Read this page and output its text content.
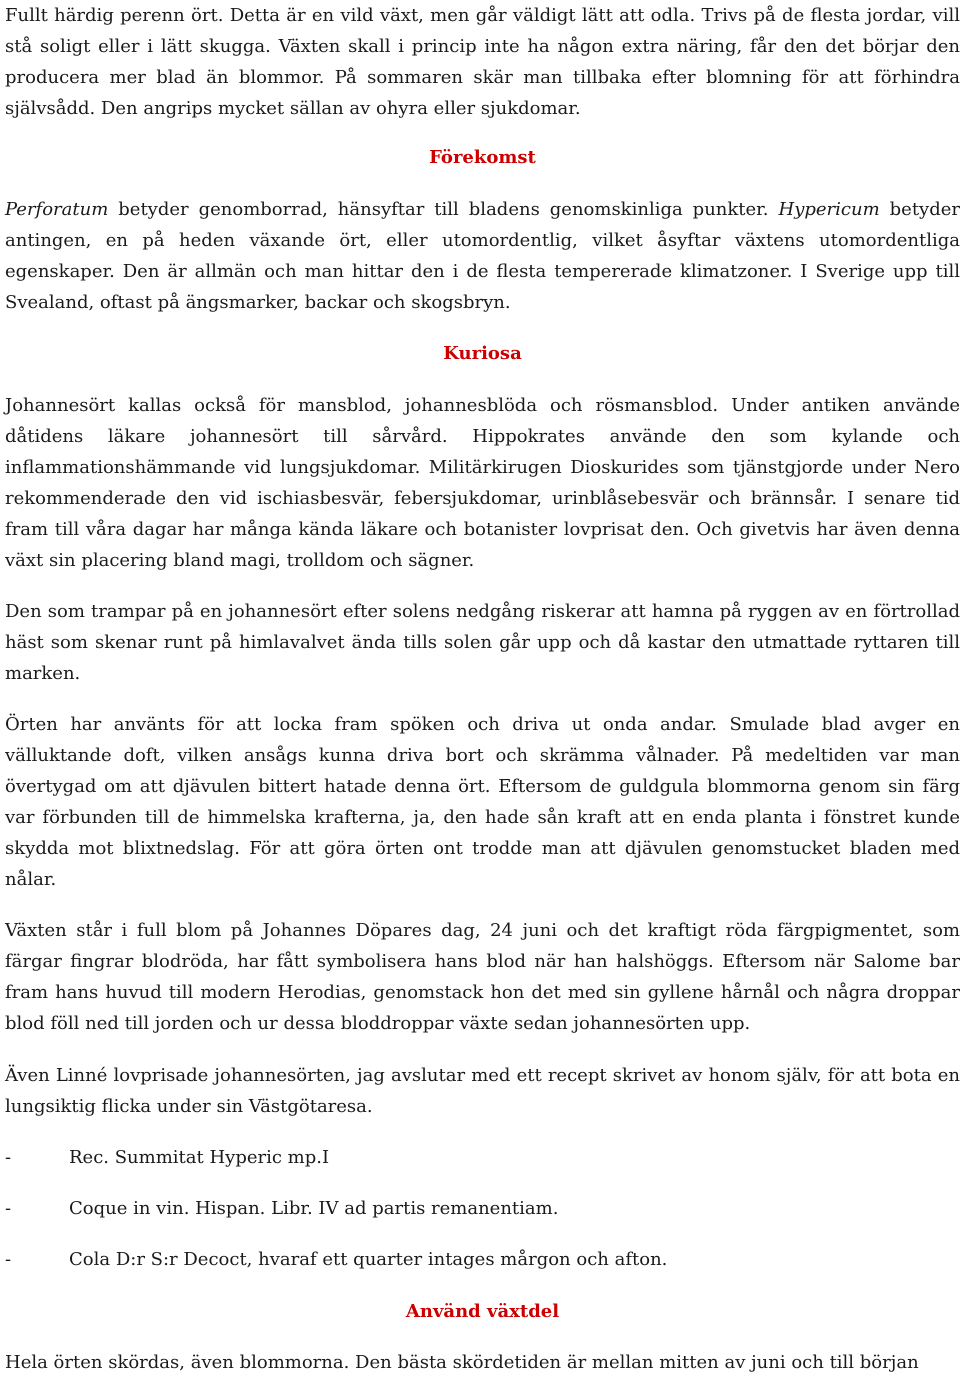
Fullt härdig perenn ört. Detta är en vild växt, men går väldigt lätt att odla. Trivs på de flesta jordar, vill stå soligt eller i lätt skugga. Växten skall i princip inte ha någon extra näring, får den det börjar den producera mer blad än blommor. På sommaren skär man tillbaka efter blomning för att förhindra självsådd. Den angrips mycket sällan av ohyra eller sjukdomar.

Förekomst

Perforatum betyder genomborrad, hänsyftar till bladens genomskinliga punkter. Hypericum betyder antingen, en på heden växande ört, eller utomordentlig, vilket åsyftar växtens utomordentliga egenskaper. Den är allmän och man hittar den i de flesta tempererade klimatzoner. I Sverige upp till Svealand, oftast på ängsmarker, backar och skogsbryn.

Kuriosa

Johannesört kallas också för mansblod, johannesblöda och rösmansblod. Under antiken använde dåtidens läkare johannesört till sårvård. Hippokrates använde den som kylande och inflammationshämmande vid lungsjukdomar. Militärkirugen Dioskurides som tjänstgjorde under Nero rekommenderade den vid ischiasbesvär, febersjukdomar, urinblåsebesvär och brännsår. I senare tid fram till våra dagar har många kända läkare och botanister lovprisat den. Och givetvis har även denna växt sin placering bland magi, trolldom och sägner.

Den som trampar på en johannesört efter solens nedgång riskerar att hamna på ryggen av en förtrollad häst som skenar runt på himlavalvet ända tills solen går upp och då kastar den utmattade ryttaren till marken.

Örten har använts för att locka fram spöken och driva ut onda andar. Smulade blad avger en välluktande doft, vilken ansågs kunna driva bort och skrämma vålnader. På medeltiden var man övertygad om att djävulen bittert hatade denna ört. Eftersom de guldgula blommorna genom sin färg var förbunden till de himmelska krafterna, ja, den hade sån kraft att en enda planta i fönstret kunde skydda mot blixtnedslag. För att göra örten ont trodde man att djävulen genomstucket bladen med nålar.

Växten står i full blom på Johannes Döpares dag, 24 juni och det kraftigt röda färgpigmentet, som färgar fingrar blodröda, har fått symbolisera hans blod när han halshöggs. Eftersom när Salome bar fram hans huvud till modern Herodias, genomstack hon det med sin gyllene hårnål och några droppar blod föll ned till jorden och ur dessa bloddroppar växte sedan johannesörten upp.

Även Linné lovprisade johannesörten, jag avslutar med ett recept skrivet av honom själv, för att bota en lungsiktig flicka under sin Västgötaresa.

-	Rec. Summitat Hyperic mp.I
-	Coque in vin. Hispan. Libr. IV ad partis remanentiam.
-	Cola D:r S:r Decoct, hvaraf ett quarter intages mårgon och afton.
Använd växtdel

Hela örten skördas, även blommorna. Den bästa skördetiden är mellan mitten av juni och till början
